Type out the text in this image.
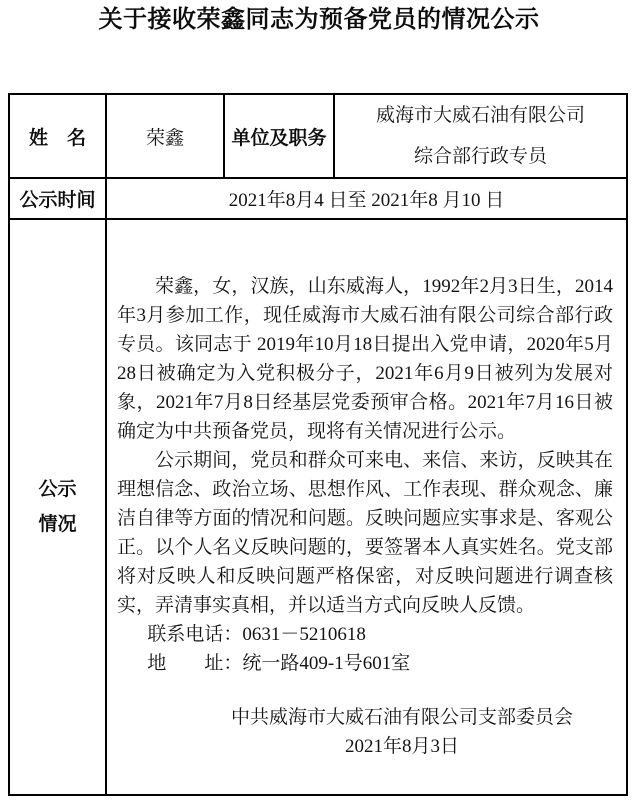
关于接收荣鑫同志为预备党员的情况公示
姓　名	荣鑫	单位及职务	威海市大威石油有限公司
综合部行政专员

公示时间	2021年8月4 日至 2021年8 月10 日		

公示
情况

荣鑫，女，汉族，山东威海人，1992年2月3日生，2014年3月参加工作，现任威海市大威石油有限公司综合部行政专员。该同志于 2019年10月18日提出入党申请，2020年5月28日被确定为入党积极分子，2021年6月9日被列为发展对象，2021年7月8日经基层党委预审合格。2021年7月16日被确定为中共预备党员，现将有关情况进行公示。

公示期间，党员和群众可来电、来信、来访，反映其在理想信念、政治立场、思想作风、工作表现、群众观念、廉洁自律等方面的情况和问题。反映问题应实事求是、客观公正。以个人名义反映问题的，要签署本人真实姓名。党支部将对反映人和反映问题严格保密，对反映问题进行调查核实，弄清事实真相，并以适当方式向反映人反馈。

联系电话：0631－5210618
地　　址：统一路409-1号601室
中共威海市大威石油有限公司支部委员会
2021年8月3日
